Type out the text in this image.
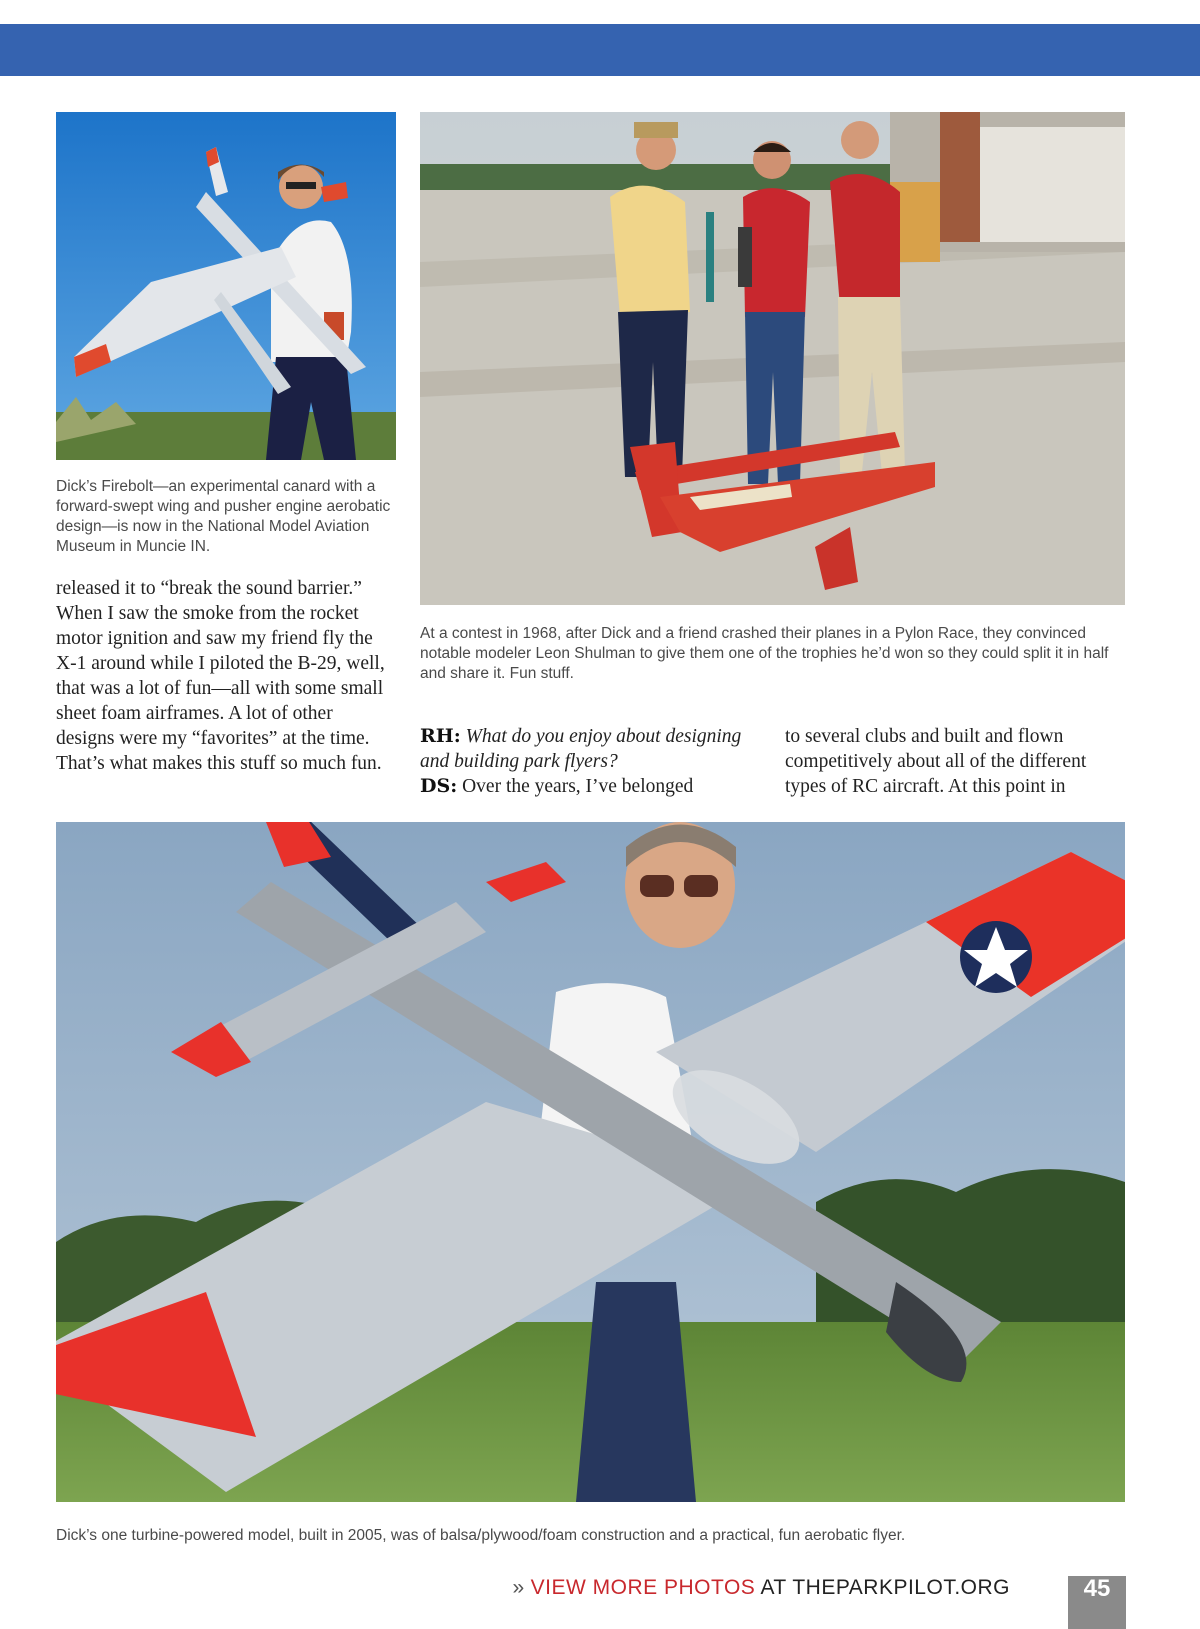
Dick’s Firebolt—an experimental canard with a forward-swept wing and pusher engine aerobatic design—is now in the National Model Aviation Museum in Muncie IN.

At a contest in 1968, after Dick and a friend crashed their planes in a Pylon Race, they convinced notable modeler Leon Shulman to give them one of the trophies he’d won so they could split it in half and share it. Fun stuff.

Dick’s one turbine-powered model, built in 2005, was of balsa/plywood/foam construction and a practical, fun aerobatic flyer.

released it to “break the sound barrier.” When I saw the smoke from the rocket motor ignition and saw my friend fly the X-1 around while I piloted the B-29, well, that was a lot of fun—all with some small sheet foam airframes. A lot of other designs were my “favorites” at the time. That’s what makes this stuff so much fun.

RH: What do you enjoy about designing and building park flyers?
DS: Over the years, I’ve belonged

to several clubs and built and flown competitively about all of the different types of RC aircraft. At this point in

» VIEW MORE PHOTOS AT THEPARKPILOT.ORG	45
